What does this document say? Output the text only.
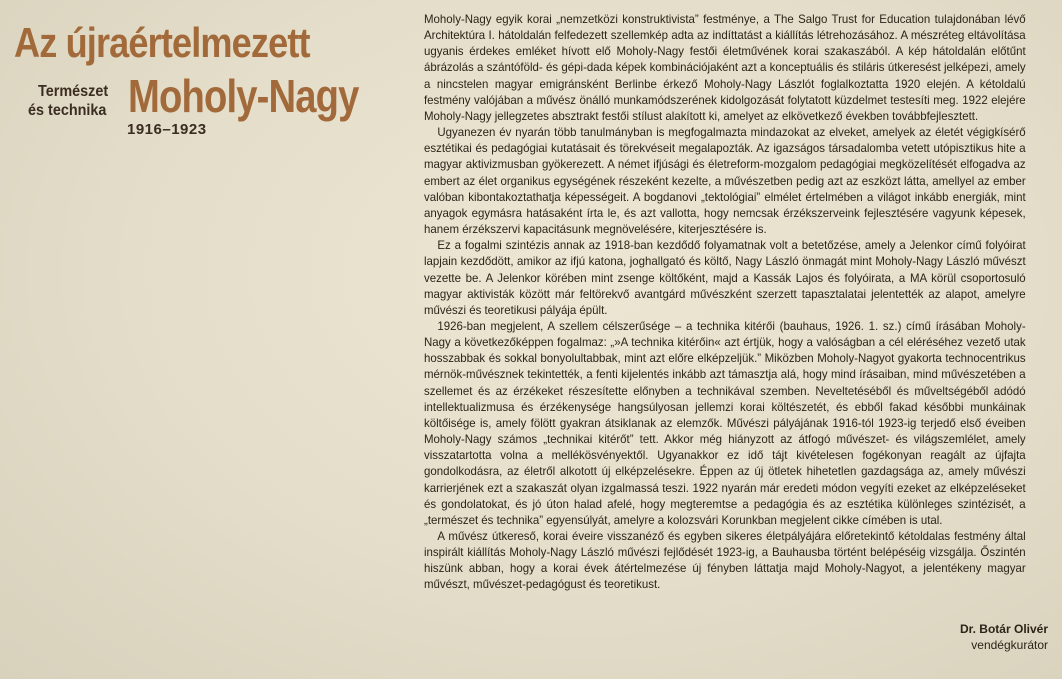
Az újraértelmezett

Természet

és technika Moholy-Nagy

1916–1923

Moholy-Nagy egyik korai „nemzetközi konstruktivista” festménye, a The Salgo Trust for Education tulajdonában lévő Architektúra I. hátoldalán felfedezett szellemkép adta az indíttatást a kiállítás létrehozásához. A mészréteg eltávolítása ugyanis érdekes emléket hívott elő Moholy-Nagy festői életművének korai szakaszából. A kép hátoldalán előtűnt ábrázolás a szántóföld- és gépi-dada képek kombinációjaként azt a konceptuális és stiláris útkeresést jelképezi, amely a nincstelen magyar emigránsként Berlinbe érkező Moholy-Nagy Lászlót foglalkoztatta 1920 elején. A kétoldalú festmény valójában a művész önálló munkamódszerének kidolgozását folytatott küzdelmet testesíti meg. 1922 elejére Moholy-Nagy jellegzetes absztrakt festői stílust alakított ki, amelyet az elkövetkező években továbbfejlesztett.

Ugyanezen év nyarán több tanulmányban is megfogalmazta mindazokat az elveket, amelyek az életét végigkísérő esztétikai és pedagógiai kutatásait és törekvéseit megalapozták. Az igazságos társadalomba vetett utópisztikus hite a magyar aktivizmusban gyökerezett. A német ifjúsági és életreform-mozgalom pedagógiai megközelítését elfogadva az embert az élet organikus egységének részeként kezelte, a művészetben pedig azt az eszközt látta, amellyel az ember valóban kibontakoztathatja képességeit. A bogdanovi „tektológiai” elmélet értelmében a világot inkább energiák, mint anyagok egymásra hatásaként írta le, és azt vallotta, hogy nemcsak érzékszerveink fejlesztésére vagyunk képesek, hanem érzékszervi kapacitásunk megnövelésére, kiterjesztésére is.

Ez a fogalmi szintézis annak az 1918-ban kezdődő folyamatnak volt a betetőzése, amely a Jelenkor című folyóirat lapjain kezdődött, amikor az ifjú katona, joghallgató és költő, Nagy László önmagát mint Moholy-Nagy László művészt vezette be. A Jelenkor körében mint zsenge költőként, majd a Kassák Lajos és folyóirata, a MA körül csoportosuló magyar aktivisták között már feltörekvő avantgárd művészként szerzett tapasztalatai jelentették az alapot, amelyre művészi és teoretikusi pályája épült.

1926-ban megjelent, A szellem célszerűsége – a technika kitérői (bauhaus, 1926. 1. sz.) című írásában Moholy-Nagy a következőképpen fogalmaz: „»A technika kitérőin« azt értjük, hogy a valóságban a cél eléréséhez vezető utak hosszabbak és sokkal bonyolultabbak, mint azt előre elképzeljük.” Miközben Moholy-Nagyot gyakorta technocentrikus mérnök-művésznek tekintették, a fenti kijelentés inkább azt támasztja alá, hogy mind írásaiban, mind művészetében a szellemet és az érzékeket részesítette előnyben a technikával szemben. Neveltetéséből és műveltségéből adódó intellektualizmusa és érzékenysége hangsúlyosan jellemzi korai költészetét, és ebből fakad későbbi munkáinak költőisége is, amely fölött gyakran átsiklanak az elemzők. Művészi pályájának 1916-tól 1923-ig terjedő első éveiben Moholy-Nagy számos „technikai kitérőt” tett. Akkor még hiányzott az átfogó művészet- és világszemlélet, amely visszatartotta volna a mellékösvényektől. Ugyanakkor ez idő tájt kivételesen fogékonyan reagált az újfajta gondolkodásra, az életről alkotott új elképzelésekre. Éppen az új ötletek hihetetlen gazdagsága az, amely művészi karrierjének ezt a szakaszát olyan izgalmassá teszi. 1922 nyarán már eredeti módon vegyíti ezeket az elképzeléseket és gondolatokat, és jó úton halad afelé, hogy megteremtse a pedagógia és az esztétika különleges szintézisét, a „természet és technika” egyensúlyát, amelyre a kolozsvári Korunkban megjelent cikke címében is utal.

A művész útkereső, korai éveire visszanéző és egyben sikeres életpályájára előretekintő kétoldalas festmény által inspirált kiállítás Moholy-Nagy László művészi fejlődését 1923-ig, a Bauhausba történt belépéséig vizsgálja. Őszintén hiszünk abban, hogy a korai évek átértelmezése új fényben láttatja majd Moholy-Nagyot, a jelentékeny magyar művészt, művészet-pedagógust és teoretikust.

Dr. Botár Olivér
vendégkurátor
